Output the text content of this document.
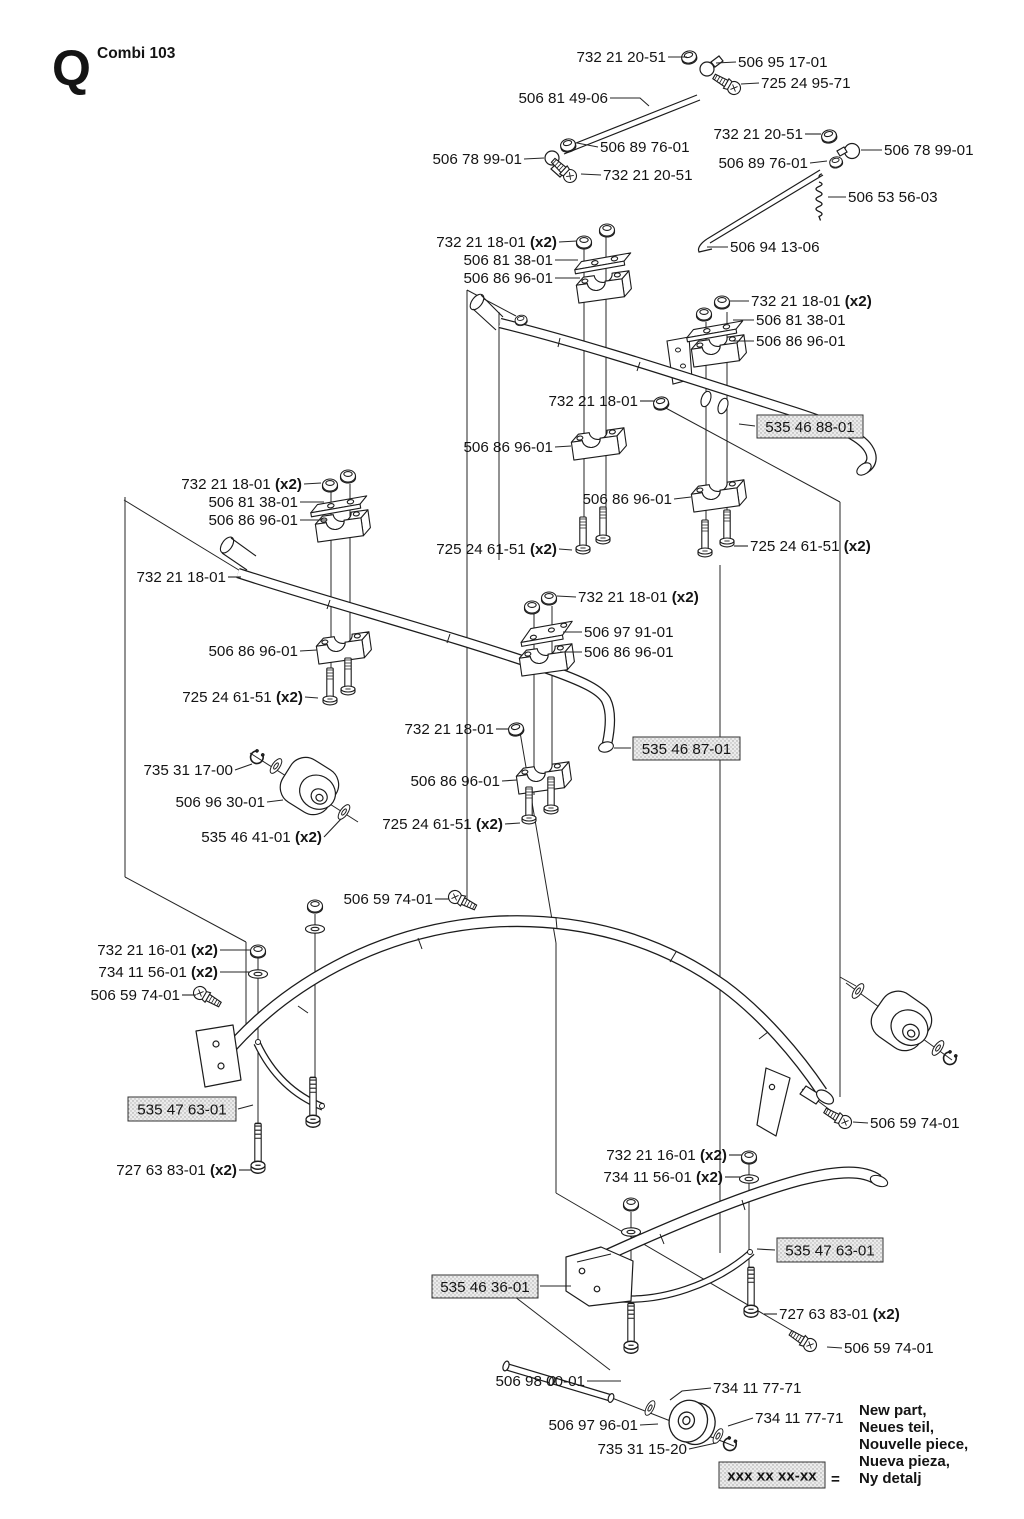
535 46 88-01
535 46 87-01
535 47 63-01
535 47 63-01
535 46 36-01
xxx xx xx-xx
732 21 20-51	506 95 17-01
725 24 95-71
506 81 49-06
506 89 76-01
506 78 99-01
732 21 20-51
732 21 20-51
506 78 99-01
506 89 76-01
506 53 56-03
506 94 13-06
732 21 18-01 (x2)
506 81 38-01
506 86 96-01
732 21 18-01 (x2)
506 81 38-01
506 86 96-01
732 21 18-01
506 86 96-01
506 86 96-01
725 24 61-51 (x2)	725 24 61-51 (x2)
732 21 18-01 (x2)
506 81 38-01
506 86 96-01
732 21 18-01
506 86 96-01
725 24 61-51 (x2)
732 21 18-01 (x2)
506 97 91-01
506 86 96-01
732 21 18-01
506 86 96-01
725 24 61-51 (x2)
735 31 17-00
506 96 30-01
535 46 41-01 (x2)
506 59 74-01
732 21 16-01 (x2)
734 11 56-01 (x2)
506 59 74-01
506 59 74-01
732 21 16-01 (x2)
734 11 56-01 (x2)
727 63 83-01 (x2)
506 59 74-01
727 63 83-01 (x2)
506 98 00-01	734 11 77-71
506 97 96-01	734 11 77-71
735 31 15-20
=
New part,
Neues teil,
Nouvelle piece,
Nueva pieza,
Ny detalj
Q Combi 103
